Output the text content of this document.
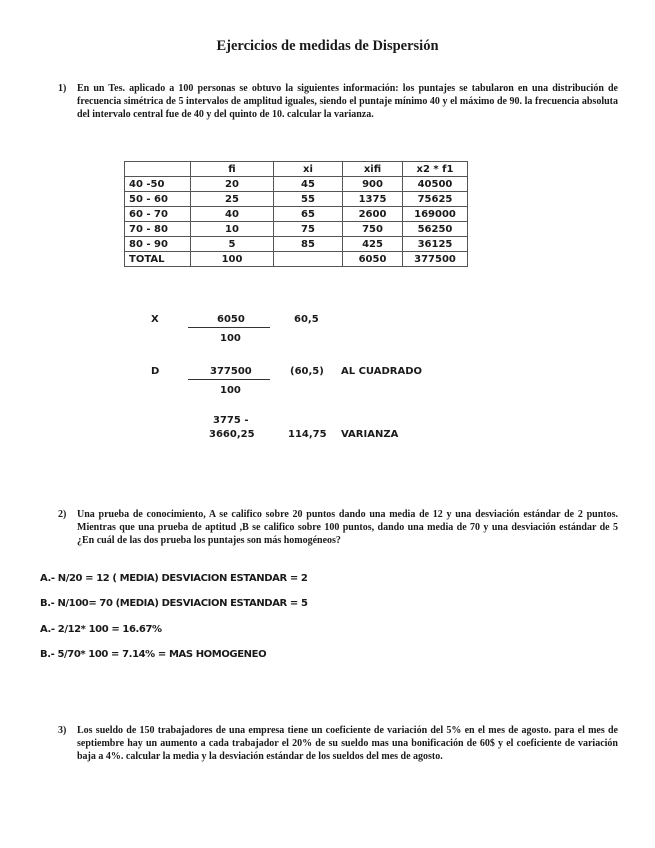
Ejercicios de medidas de Dispersión
1) En un Tes. aplicado a 100 personas se obtuvo la siguientes información: los puntajes se tabularon en una distribución de frecuencia simétrica de 5 intervalos de amplitud iguales, siendo el puntaje mínimo 40 y el máximo de 90. la frecuencia absoluta del intervalo central fue de 40 y del quinto de 10. calcular la varianza.
	fi	xi	xifi	x2 * f1
40 -50	20	45	900	40500
50 - 60	25	55	1375	75625
60 - 70	40	65	2600	169000
70 - 80	10	75	750	56250
80 - 90	5	85	425	36125
TOTAL	100		6050	377500
X	6050
100
60,5
D	377500
100
(60,5) AL CUADRADO
3775 -
3660,25	114,75 VARIANZA
2) Una prueba de conocimiento, A se califico sobre 20 puntos dando una media de 12 y una desviación estándar de 2 puntos. Mientras que una prueba de aptitud ,B se califico sobre 100 puntos, dando una media de 70 y una desviación estándar de 5 ¿En cuál de las dos prueba los puntajes son más homogéneos?
A.- N/20 = 12 ( MEDIA) DESVIACION ESTANDAR = 2
B.- N/100= 70 (MEDIA) DESVIACION ESTANDAR = 5
A.- 2/12* 100 = 16.67%
B.- 5/70* 100 = 7.14% = MAS HOMOGENEO
3) Los sueldo de 150 trabajadores de una empresa tiene un coeficiente de variación del 5% en el mes de agosto. para el mes de septiembre hay un aumento a cada trabajador el 20% de su sueldo mas una bonificación de 60$ y el coeficiente de variación baja a 4%. calcular la media y la desviación estándar de los sueldos del mes de agosto.
